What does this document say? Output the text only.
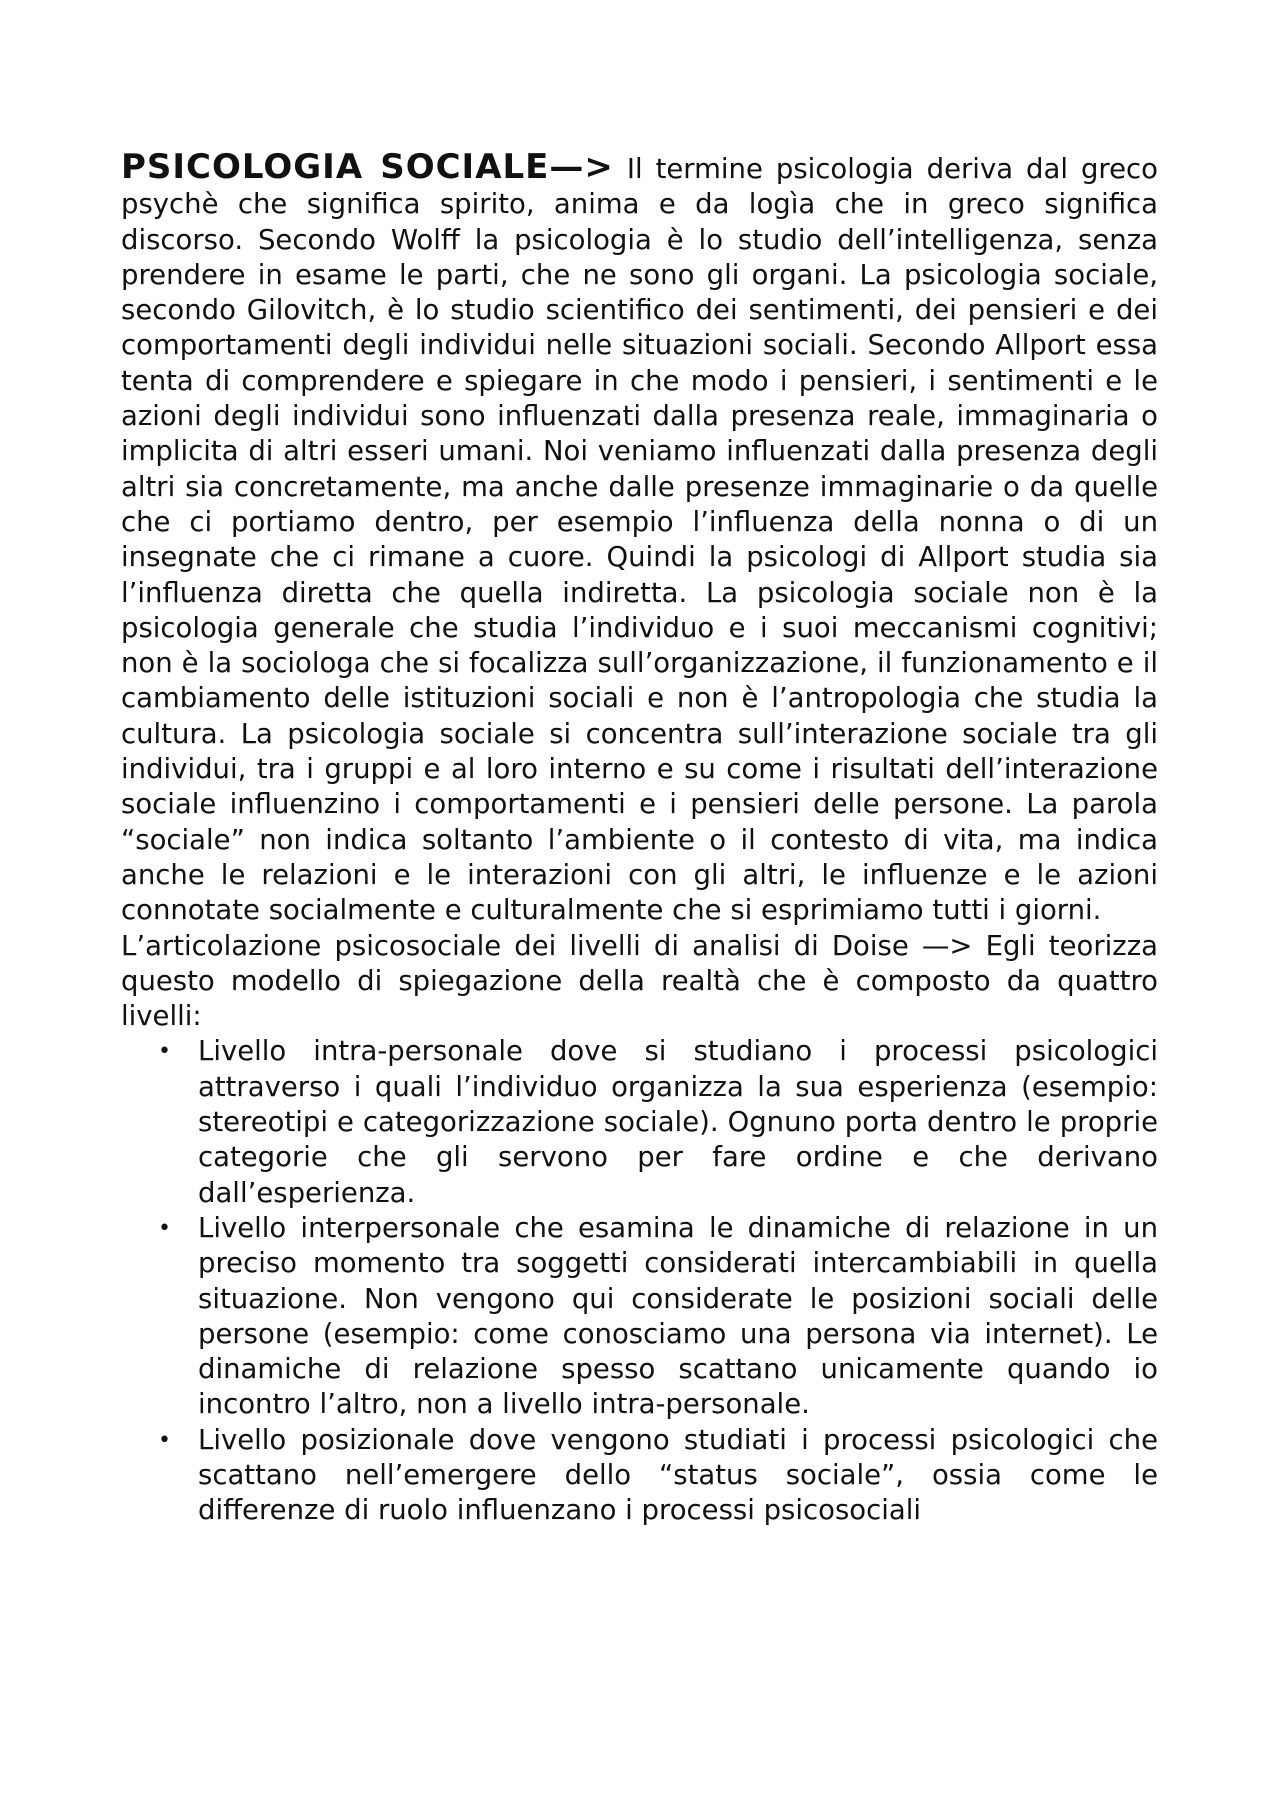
PSICOLOGIA SOCIALE—> Il termine psicologia deriva dal greco psychè che significa spirito, anima e da logìa che in greco significa discorso. Secondo Wolff la psicologia è lo studio dell’intelligenza, senza prendere in esame le parti, che ne sono gli organi. La psicologia sociale, secondo Gilovitch, è lo studio scientifico dei sentimenti, dei pensieri e dei comportamenti degli individui nelle situazioni sociali. Secondo Allport essa tenta di comprendere e spiegare in che modo i pensieri, i sentimenti e le azioni degli individui sono influenzati dalla presenza reale, immaginaria o implicita di altri esseri umani. Noi veniamo influenzati dalla presenza degli altri sia concretamente, ma anche dalle presenze immaginarie o da quelle che ci portiamo dentro, per esempio l’influenza della nonna o di un insegnate che ci rimane a cuore. Quindi la psicologi di Allport studia sia l’influenza diretta che quella indiretta. La psicologia sociale non è la psicologia generale che studia l’individuo e i suoi meccanismi cognitivi; non è la sociologa che si focalizza sull’organizzazione, il funzionamento e il cambiamento delle istituzioni sociali e non è l’antropologia che studia la cultura. La psicologia sociale si concentra sull’interazione sociale tra gli individui, tra i gruppi e al loro interno e su come i risultati dell’interazione sociale influenzino i comportamenti e i pensieri delle persone. La parola “sociale” non indica soltanto l’ambiente o il contesto di vita, ma indica anche le relazioni e le interazioni con gli altri, le influenze e le azioni connotate socialmente e culturalmente che si esprimiamo tutti i giorni.

L’articolazione psicosociale dei livelli di analisi di Doise —> Egli teorizza questo modello di spiegazione della realtà che è composto da quattro livelli:

• Livello intra-personale dove si studiano i processi psicologici attraverso i quali l’individuo organizza la sua esperienza (esempio: stereotipi e categorizzazione sociale). Ognuno porta dentro le proprie categorie che gli servono per fare ordine e che derivano dall’esperienza.
• Livello interpersonale che esamina le dinamiche di relazione in un preciso momento tra soggetti considerati intercambiabili in quella situazione. Non vengono qui considerate le posizioni sociali delle persone (esempio: come conosciamo una persona via internet). Le dinamiche di relazione spesso scattano unicamente quando io incontro l’altro, non a livello intra-personale.
• Livello posizionale dove vengono studiati i processi psicologici che scattano nell’emergere dello “status sociale”, ossia come le differenze di ruolo influenzano i processi psicosociali
